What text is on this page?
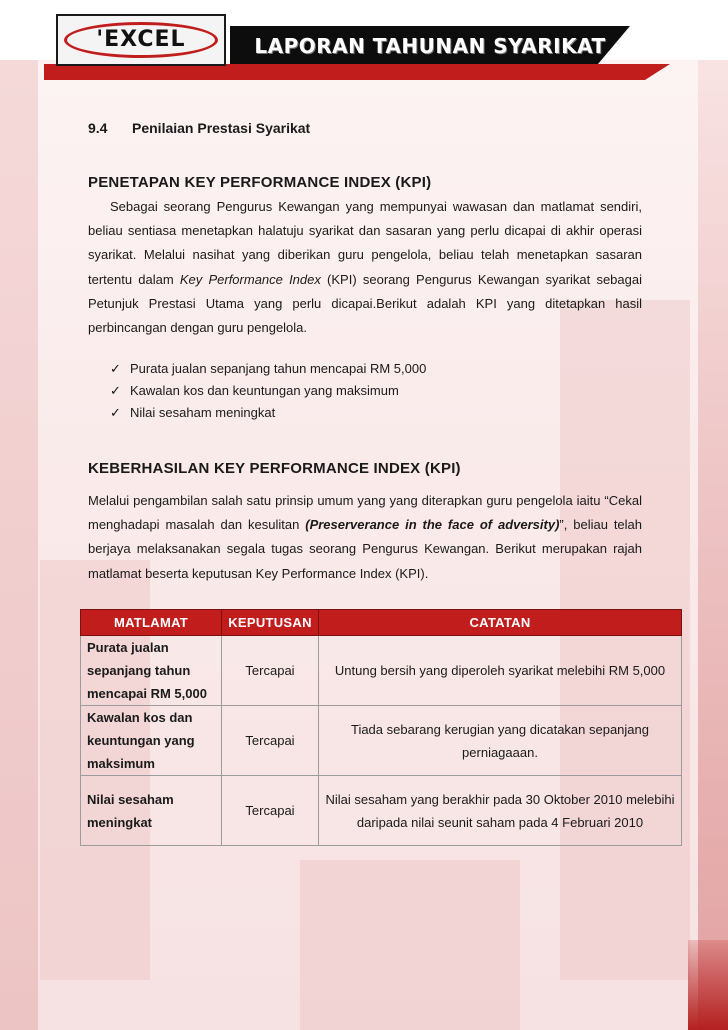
LAPORAN TAHUNAN SYARIKAT
'EXCEL
9.4 Penilaian Prestasi Syarikat
PENETAPAN KEY PERFORMANCE INDEX (KPI)

Sebagai seorang Pengurus Kewangan yang mempunyai wawasan dan matlamat sendiri, beliau sentiasa menetapkan halatuju syarikat dan sasaran yang perlu dicapai di akhir operasi syarikat. Melalui nasihat yang diberikan guru pengelola, beliau telah menetapkan sasaran tertentu dalam Key Performance Index (KPI) seorang Pengurus Kewangan syarikat sebagai Petunjuk Prestasi Utama yang perlu dicapai.Berikut adalah KPI yang ditetapkan hasil perbincangan dengan guru pengelola.

✓ Purata jualan sepanjang tahun mencapai RM 5,000
✓ Kawalan kos dan keuntungan yang maksimum
✓ Nilai sesaham meningkat
KEBERHASILAN KEY PERFORMANCE INDEX (KPI)

Melalui pengambilan salah satu prinsip umum yang yang diterapkan guru pengelola iaitu “Cekal menghadapi masalah dan kesulitan (Preserverance in the face of adversity)”, beliau telah berjaya melaksanakan segala tugas seorang Pengurus Kewangan. Berikut merupakan rajah matlamat beserta keputusan Key Performance Index (KPI).

MATLAMAT	KEPUTUSAN	CATATAN
Purata jualan sepanjang tahun mencapai RM 5,000	Tercapai	Untung bersih yang diperoleh syarikat melebihi RM 5,000
Kawalan kos dan keuntungan yang maksimum	Tercapai	Tiada sebarang kerugian yang dicatakan sepanjang perniagaaan.
Nilai sesaham meningkat	Tercapai	Nilai sesaham yang berakhir pada 30 Oktober 2010 melebihi daripada nilai seunit saham pada 4 Februari 2010
